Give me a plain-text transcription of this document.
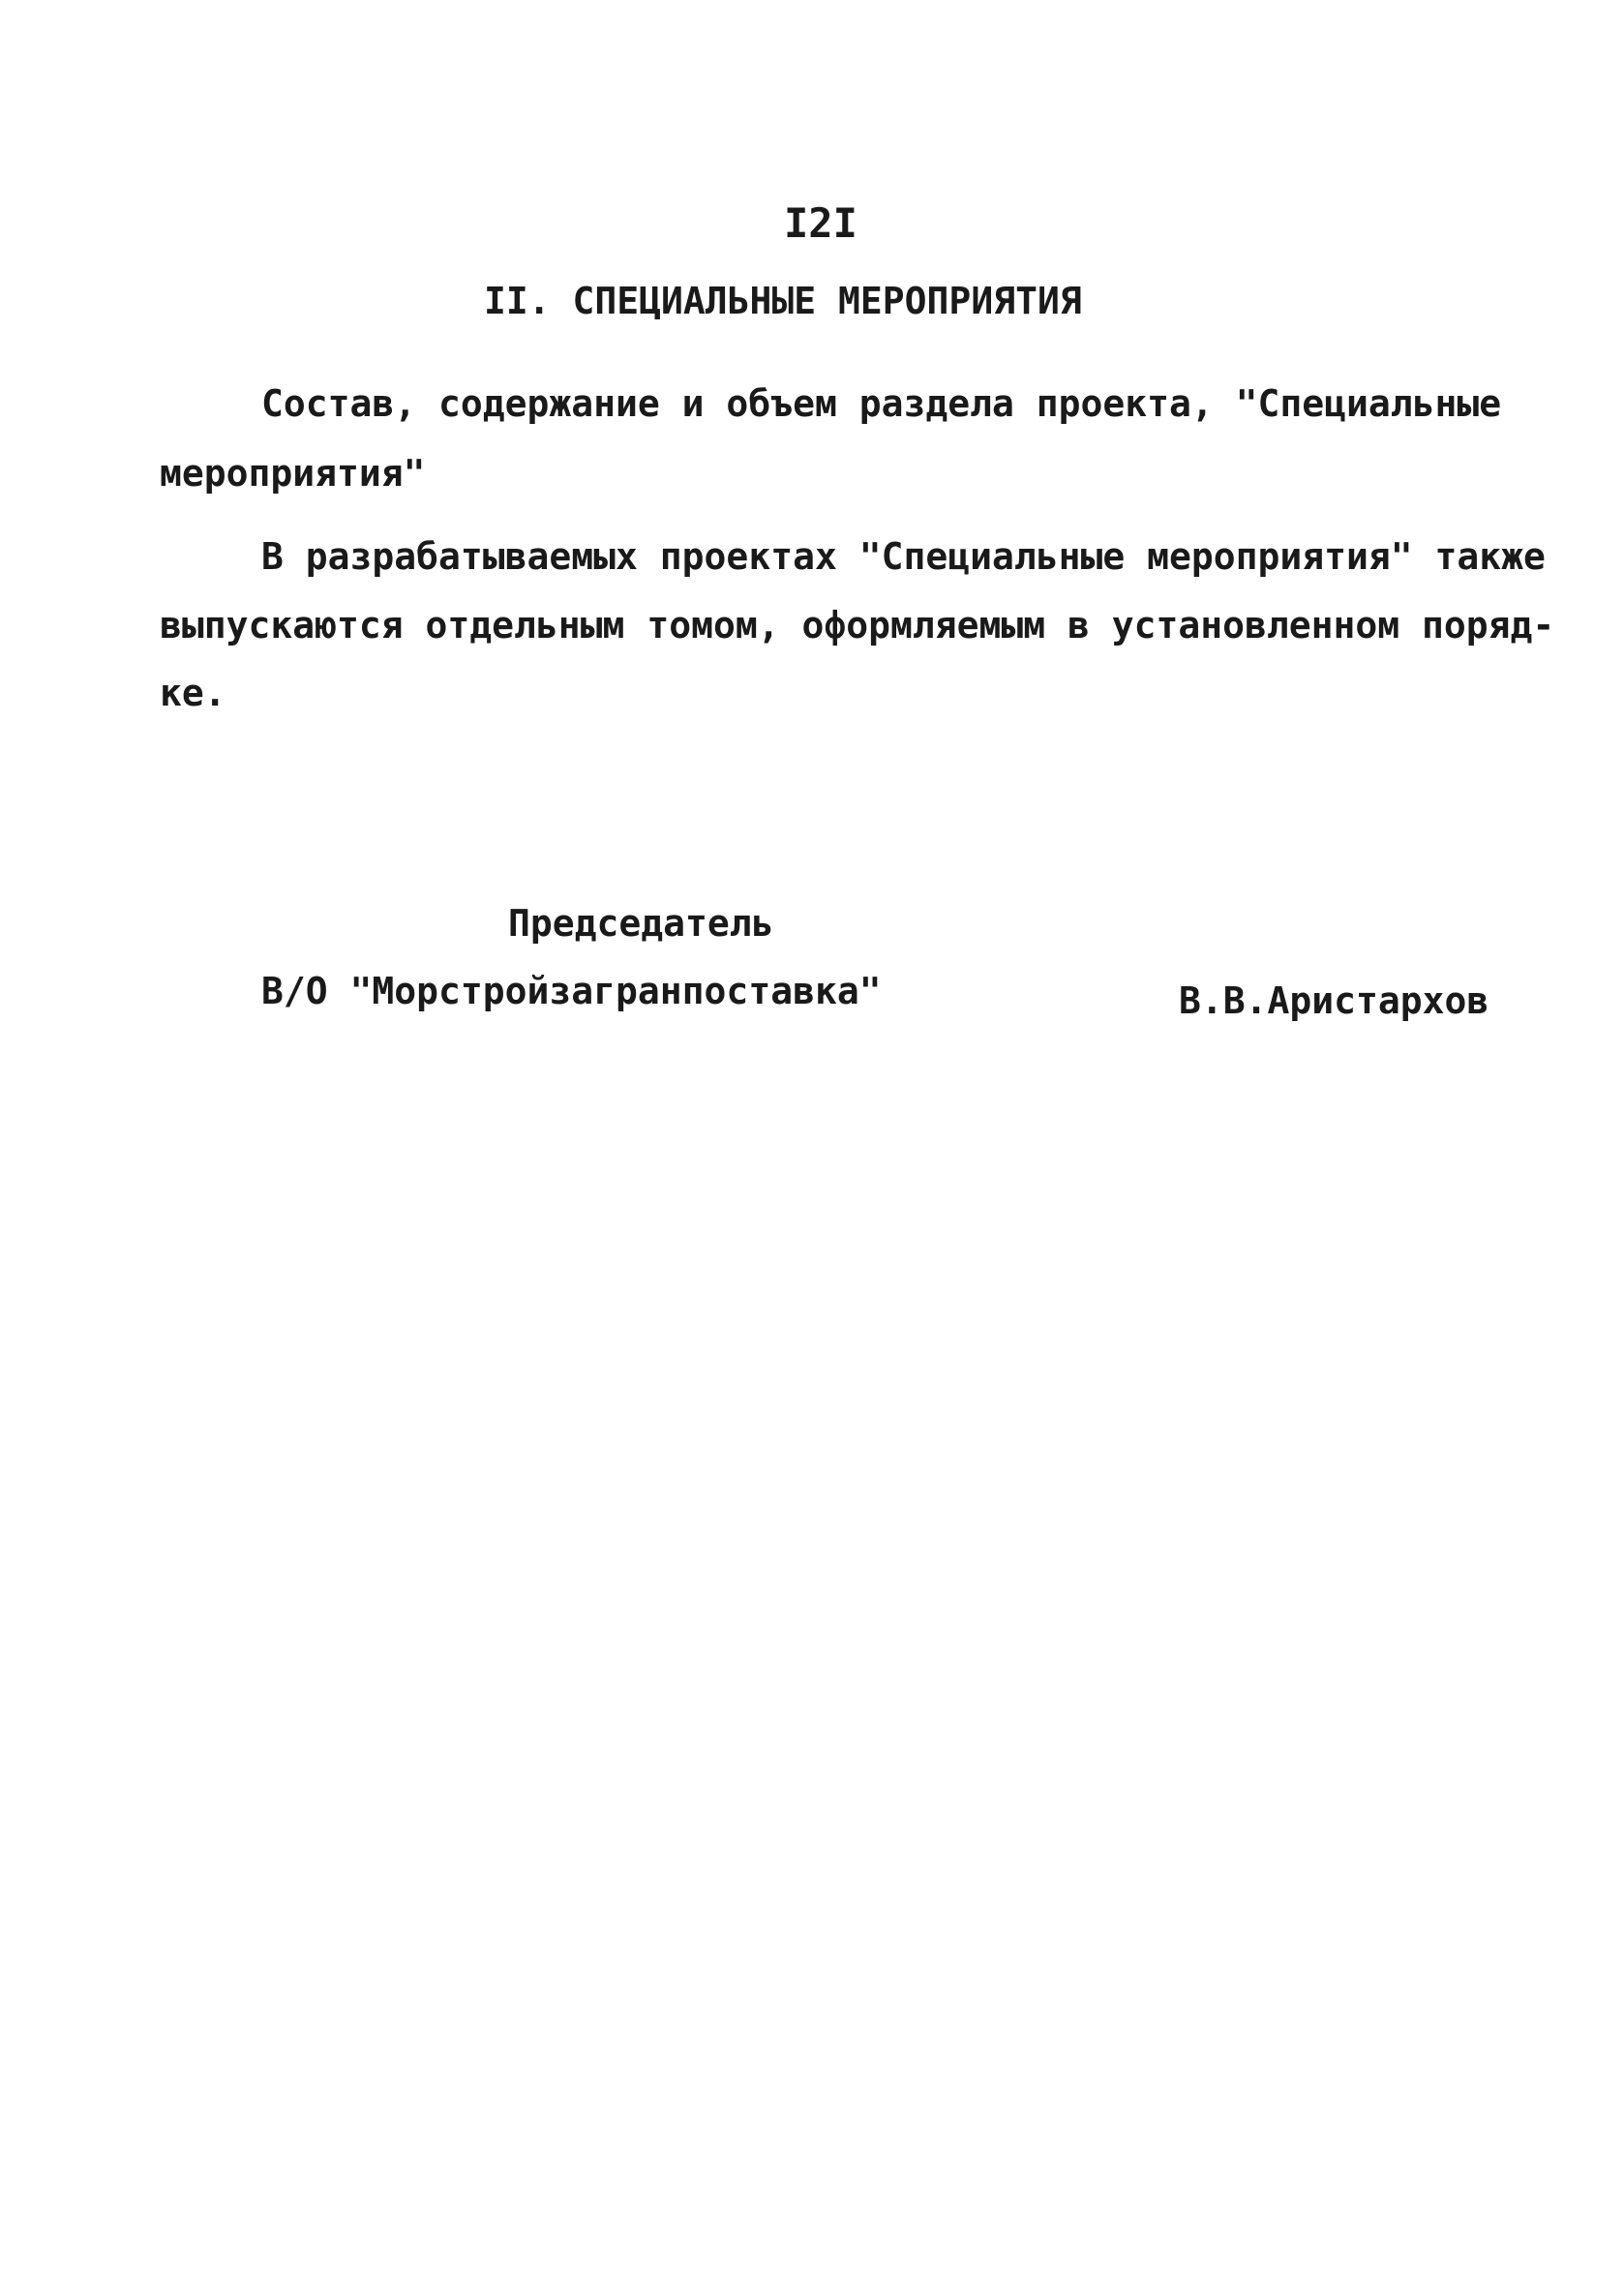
I2I
II. СПЕЦИАЛЬНЫЕ МЕРОПРИЯТИЯ
Состав, содержание и объем раздела проекта, "Специальные
мероприятия"
В разрабатываемых проектах "Специальные мероприятия" также
выпускаются отдельным томом, оформляемым в установленном поряд-
ке.
Председатель
В/О "Морстройзагранпоставка"	В.В.Аристархов
